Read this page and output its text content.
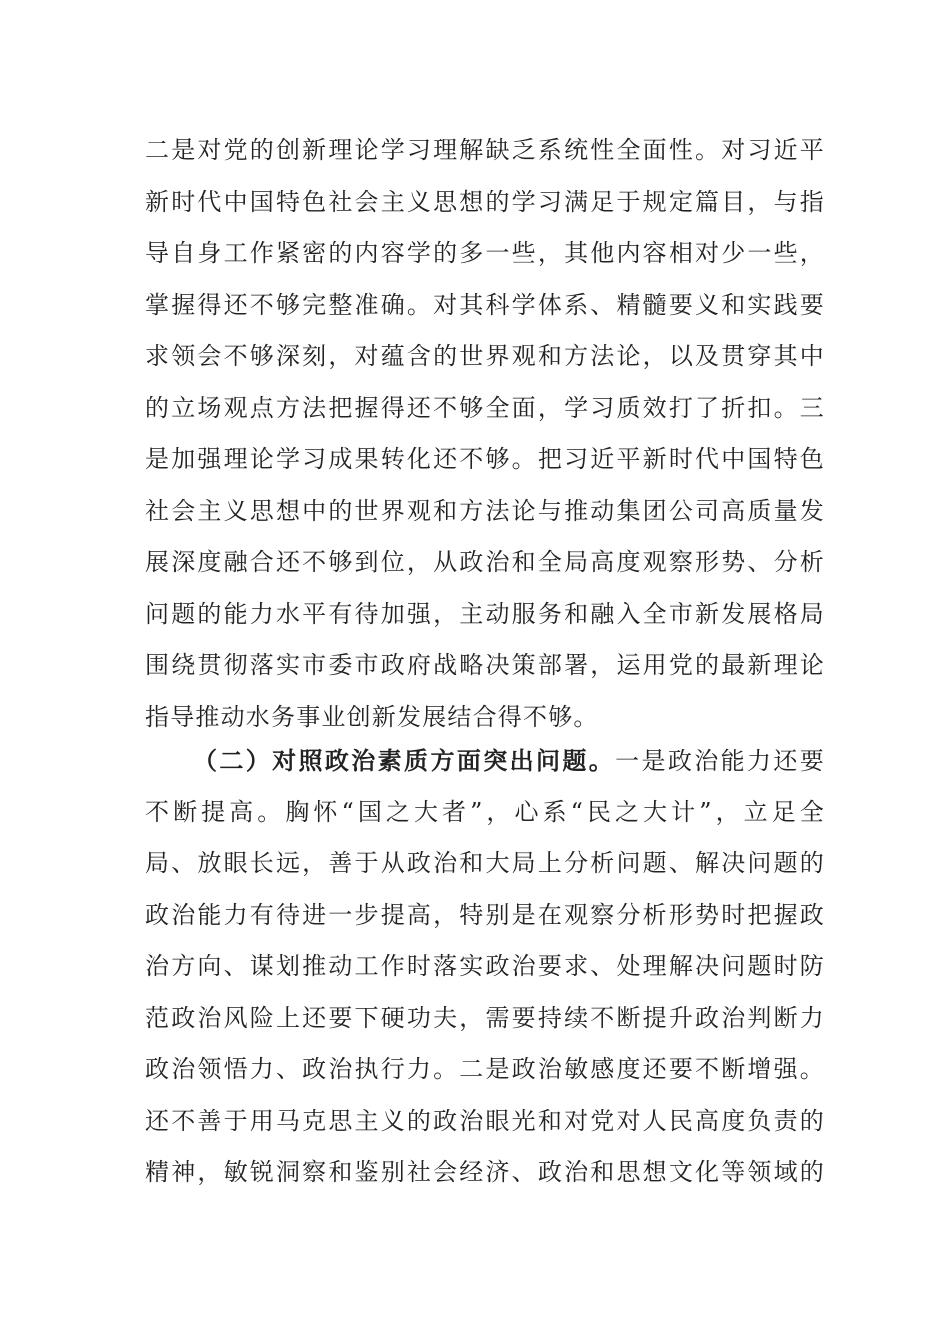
二是对党的创新理论学习理解缺乏系统性全面性。对习近平
新时代中国特色社会主义思想的学习满足于规定篇目，与指
导自身工作紧密的内容学的多一些，其他内容相对少一些，
掌握得还不够完整准确。对其科学体系、精髓要义和实践要
求领会不够深刻，对蕴含的世界观和方法论，以及贯穿其中
的立场观点方法把握得还不够全面，学习质效打了折扣。三
是加强理论学习成果转化还不够。把习近平新时代中国特色
社会主义思想中的世界观和方法论与推动集团公司高质量发
展深度融合还不够到位，从政治和全局高度观察形势、分析
问题的能力水平有待加强，主动服务和融入全市新发展格局
围绕贯彻落实市委市政府战略决策部署，运用党的最新理论
指导推动水务事业创新发展结合得不够。
（二）对照政治素质方面突出问题。一是政治能力还要
不断提高。胸怀“国之大者”，心系“民之大计”，立足全
局、放眼长远，善于从政治和大局上分析问题、解决问题的
政治能力有待进一步提高，特别是在观察分析形势时把握政
治方向、谋划推动工作时落实政治要求、处理解决问题时防
范政治风险上还要下硬功夫，需要持续不断提升政治判断力
政治领悟力、政治执行力。二是政治敏感度还要不断增强。
还不善于用马克思主义的政治眼光和对党对人民高度负责的
精神，敏锐洞察和鉴别社会经济、政治和思想文化等领域的
